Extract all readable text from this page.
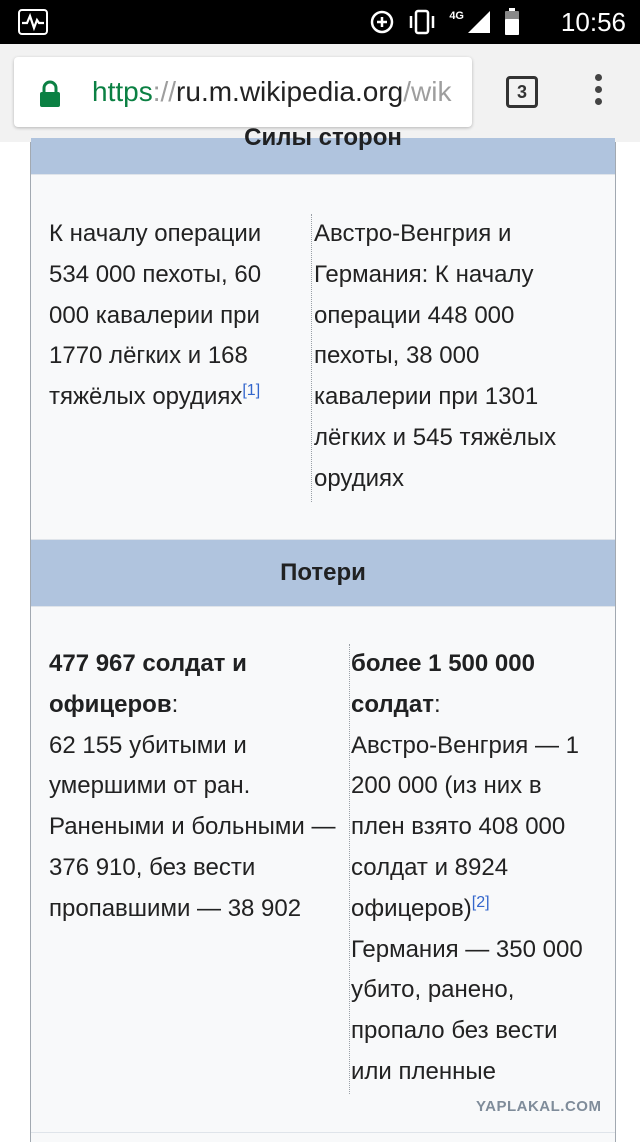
4G	10:56
https://ru.m.wikipedia.org/wik	3
Силы сторон
К началу операции 534 000 пехоты, 60 000 кавалерии при 1770 лёгких и 168 тяжёлых орудиях[1]
Австро-Венгрия и Германия: К началу операции 448 000 пехоты, 38 000 кавалерии при 1301 лёгких и 545 тяжёлых орудиях
Потери
477 967 солдат и офицеров:
62 155 убитыми и умершими от ран. Ранеными и больными — 376 910, без вести пропавшими — 38 902
более 1 500 000 солдат:
Австро-Венгрия — 1 200 000 (из них в плен взято 408 000 солдат и 8924 офицеров)[2]
Германия — 350 000 убито, ранено, пропало без вести или пленные
YAPLAKAL.COM
